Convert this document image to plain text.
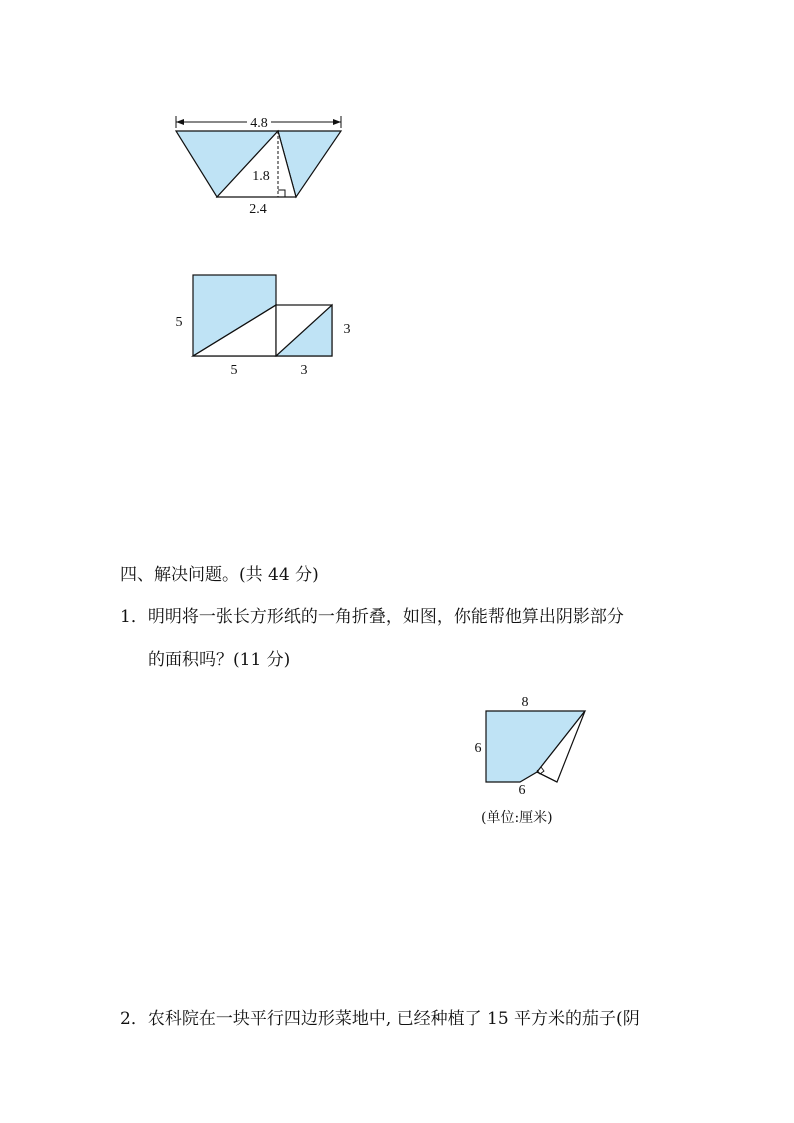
4.8
1.8
2.4
5
5
3
3
四、解决问题。(共 44 分)
1．明明将一张长方形纸的一角折叠，如图，你能帮他算出阴影部分
的面积吗？(11 分)
8
6
6
(单位:厘米)
2．农科院在一块平行四边形菜地中, 已经种植了 15 平方米的茄子(阴
